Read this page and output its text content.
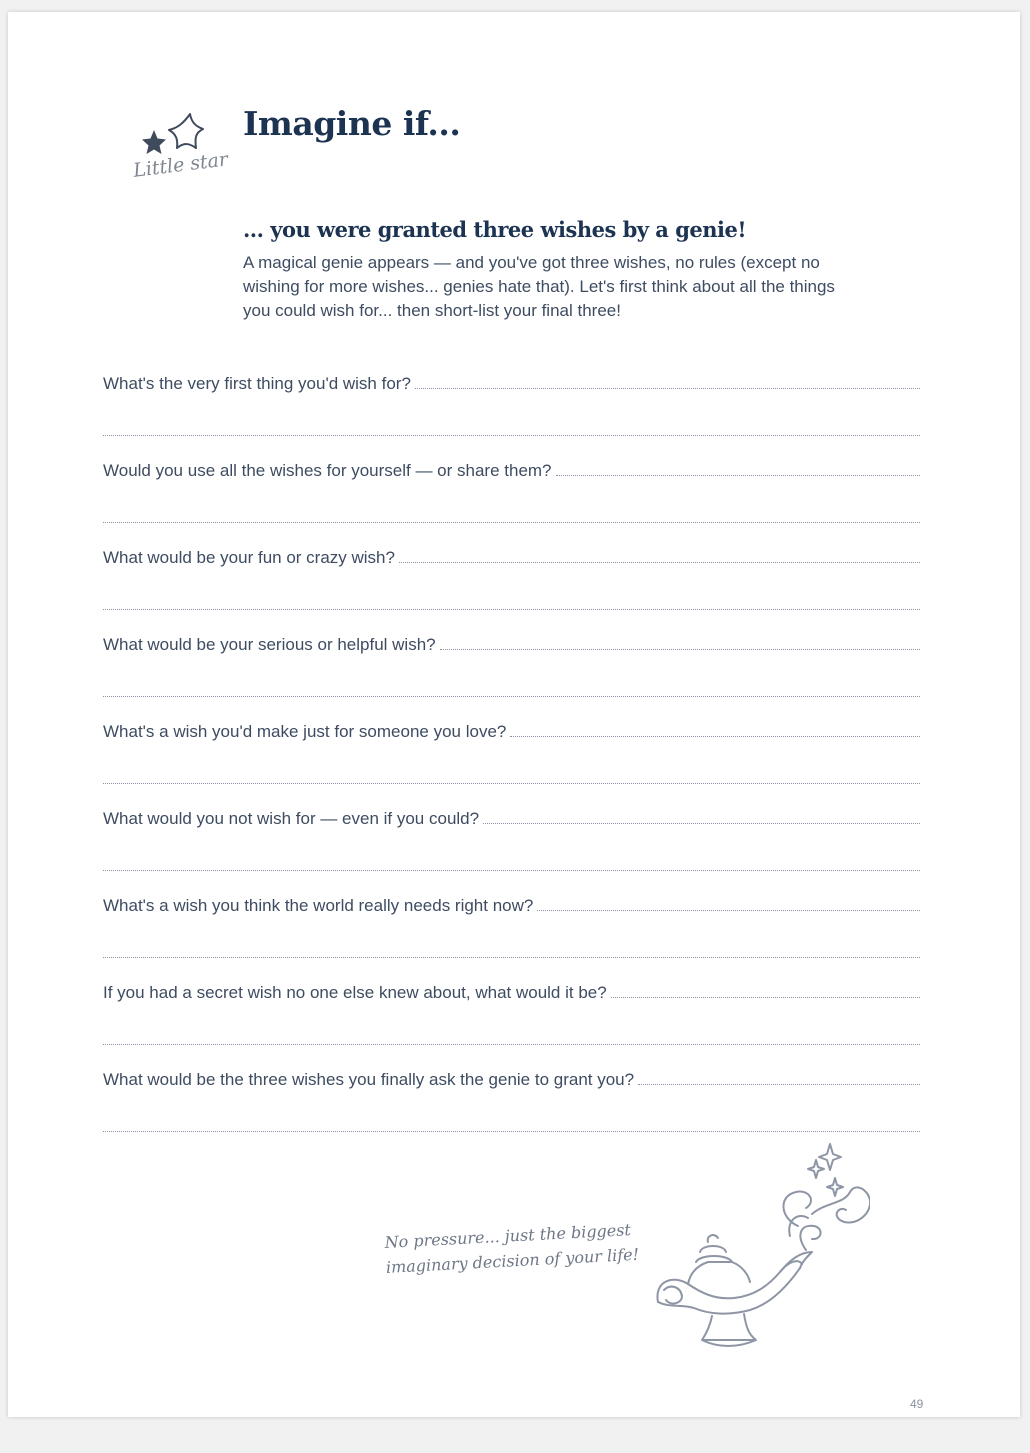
Little star
Imagine if...
... you were granted three wishes by a genie!

A magical genie appears — and you've got three wishes, no rules (except no wishing for more wishes... genies hate that). Let's first think about all the things you could wish for... then short-list your final three!

What's the very first thing you'd wish for?
Would you use all the wishes for yourself — or share them?
What would be your fun or crazy wish?
What would be your serious or helpful wish?
What's a wish you'd make just for someone you love?
What would you not wish for — even if you could?
What's a wish you think the world really needs right now?
If you had a secret wish no one else knew about, what would it be?
What would be the three wishes you finally ask the genie to grant you?
No pressure... just the biggest
imaginary decision of your life!
49
